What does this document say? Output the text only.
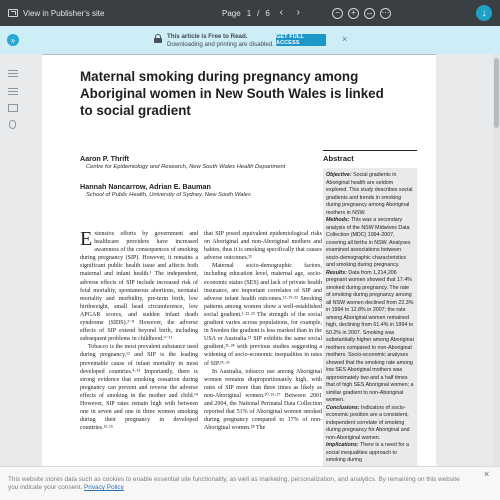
View in Publisher's site	Page 1 / 6 ‹	›	−	+	↔ ⋯	↓
»	This article is Free to Read.
Downloading and printing are disabled.
GET FULL ACCESS	×
Maternal smoking during pregnancy among Aboriginal women in New South Wales is linked to social gradient
Aaron P. Thrift
Centre for Epidemiology and Research, New South Wales Health Department
Hannah Nancarrow, Adrian E. Bauman
School of Public Health, University of Sydney, New South Wales

Extensive efforts by government and healthcare providers have increased awareness of the consequences of smoking during pregnancy (SIP). However, it remains a significant public health issue and affects both maternal and infant health.¹ The independent, adverse effects of SIP include increased risk of fetal mortality, spontaneous abortions, neonatal mortality and morbidity, pre-term birth, low birthweight, small head circumference, low APGAR scores, and sudden infant death syndrome (SIDS).²⁻⁸ However, the adverse effects of SIP extend beyond birth, including subsequent problems in childhood.⁹⁻¹¹

Tobacco is the most prevalent substance used during pregnancy,¹² and SIP is the leading preventable cause of infant mortality in most developed countries.⁴·¹³ Importantly, there is strong evidence that smoking cessation during pregnancy can prevent and reverse the adverse effects of smoking in the mother and child.¹⁴ However, SIP rates remain high with between one in seven and one in three women smoking during their pregnancy in developed countries.¹²·¹⁵

that SIP posed equivalent epidemiological risks on Aboriginal and non-Aboriginal mothers and babies, thus it is smoking specifically that causes adverse outcomes.²¹

Maternal socio-demographic factors, including education level, maternal age, socio-economic status (SES) and lack of private health insurance, are important correlates of SIP and adverse infant health outcomes.¹²·¹⁹·²² Smoking patterns among women show a well-established social gradient.¹·²²·²³ The strength of the social gradient varies across populations, for example, in Sweden the gradient is less marked than in the USA or Australia.²¹ SIP exhibits the same social gradient,²¹·²⁴ with previous studies suggesting a widening of socio-economic inequalities in rates of SIP.²⁵·²⁶

In Australia, tobacco use among Aboriginal women remains disproportionately high, with rates of SIP more than three times as likely as non-Aboriginal women.²⁰·²⁶·²⁷ Between 2001 and 2004, the National Perinatal Data Collection reported that 51% of Aboriginal women smoked during pregnancy compared to 17% of non-Aboriginal women.²⁸ The

Abstract
Objective: Social gradients in Aboriginal health are seldom explored. This study describes social gradients and trends in smoking during pregnancy among Aboriginal mothers in NSW.
Methods: This was a secondary analysis of the NSW Midwives Data Collection (MDC) 1994-2007, covering all births in NSW. Analyses examined associations between socio-demographic characteristics and smoking during pregnancy.
Results: Data from 1,214,206 pregnant women showed that 17.4% smoked during pregnancy. The rate of smoking during pregnancy among all NSW women declined from 22.3% in 1994 to 12.8% in 2007; the rate among Aboriginal women remained high, declining from 61.4% in 1994 to 50.2% in 2007. Smoking was substantially higher among Aboriginal mothers compared to non-Aboriginal mothers. Socio-economic analyses showed that the smoking rate among low SES Aboriginal mothers was approximately two and a half times that of high SES Aboriginal women; a similar gradient to non-Aboriginal women.
Conclusions: Indicators of socio-economic position are a consistent, independent correlate of smoking during pregnancy for Aboriginal and non-Aboriginal women.
Implications: There is a need for a social inequalities approach to smoking during
This website stores data such as cookies to enable essential site functionality, as well as marketing, personalization, and analytics. By remaining on this website you indicate your consent. Privacy Policy
×
